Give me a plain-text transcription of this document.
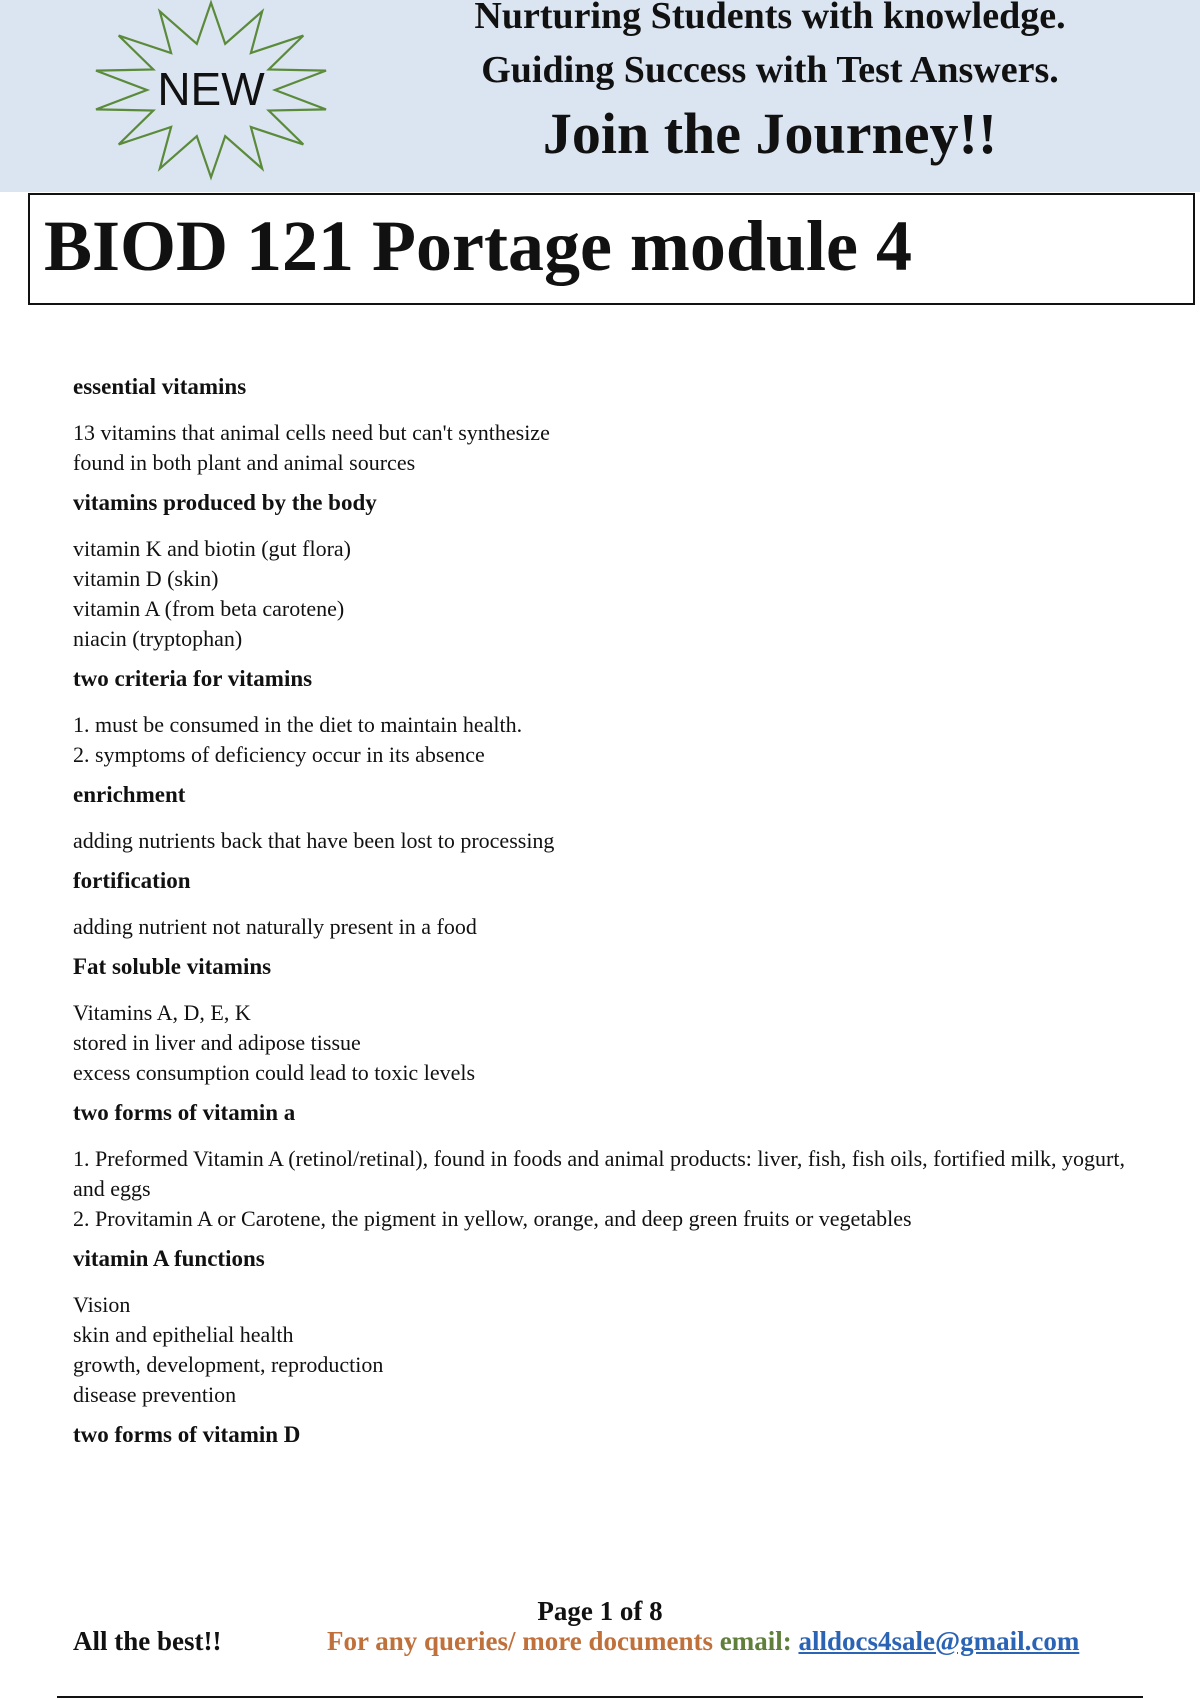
NEW
Nurturing Students with knowledge.
Guiding Success with Test Answers.
Join the Journey!!
BIOD 121 Portage module 4
essential vitamins
13 vitamins that animal cells need but can't synthesize
found in both plant and animal sources
vitamins produced by the body
vitamin K and biotin (gut flora)
vitamin D (skin)
vitamin A (from beta carotene)
niacin (tryptophan)
two criteria for vitamins
1. must be consumed in the diet to maintain health.
2. symptoms of deficiency occur in its absence
enrichment
adding nutrients back that have been lost to processing
fortification
adding nutrient not naturally present in a food
Fat soluble vitamins
Vitamins A, D, E, K
stored in liver and adipose tissue
excess consumption could lead to toxic levels
two forms of vitamin a
1. Preformed Vitamin A (retinol/retinal), found in foods and animal products: liver, fish, fish oils, fortified milk, yogurt, and eggs
2. Provitamin A or Carotene, the pigment in yellow, orange, and deep green fruits or vegetables
vitamin A functions
Vision
skin and epithelial health
growth, development, reproduction
disease prevention
two forms of vitamin D
Page 1 of 8
All the best!!	For any queries/ more documents email: alldocs4sale@gmail.com
